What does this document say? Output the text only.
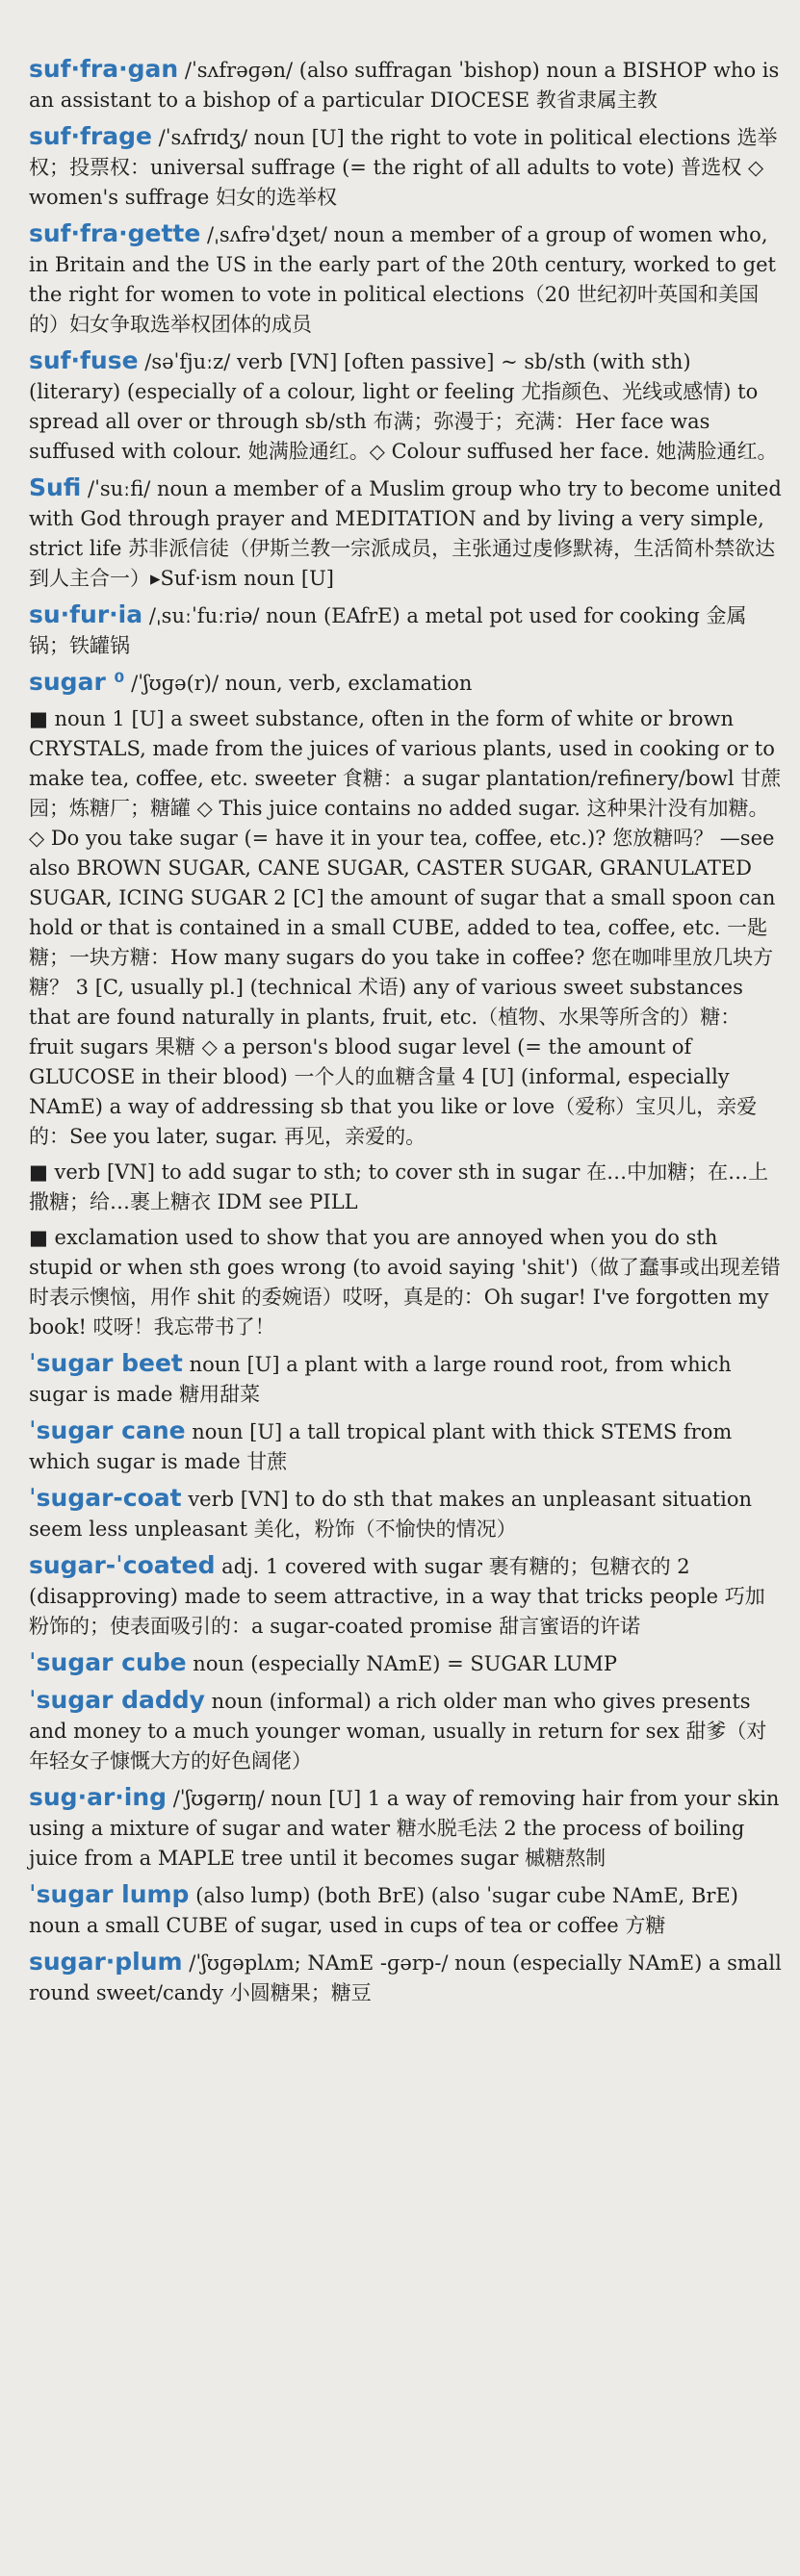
suf·fra·gan /ˈsʌfrəɡən/ (also suffragan ˈbishop) noun a BISHOP who is an assistant to a bishop of a particular DIOCESE 教省隶属主教
suf·frage /ˈsʌfrɪdʒ/ noun [U] the right to vote in political elections 选举权；投票权：universal suffrage (= the right of all adults to vote) 普选权 ◇ women's suffrage 妇女的选举权
suf·fra·gette /ˌsʌfrəˈdʒet/ noun a member of a group of women who, in Britain and the US in the early part of the 20th century, worked to get the right for women to vote in political elections（20 世纪初叶英国和美国的）妇女争取选举权团体的成员
suf·fuse /səˈfjuːz/ verb [VN] [often passive] ~ sb/sth (with sth) (literary) (especially of a colour, light or feeling 尤指颜色、光线或感情) to spread all over or through sb/sth 布满；弥漫于；充满：Her face was suffused with colour. 她满脸通红。◇ Colour suffused her face. 她满脸通红。
Sufi /ˈsuːfi/ noun a member of a Muslim group who try to become united with God through prayer and MEDITATION and by living a very simple, strict life 苏非派信徒（伊斯兰教一宗派成员，主张通过虔修默祷，生活简朴禁欲达到人主合一）▸Suf·ism noun [U]
su·fur·ia /ˌsuːˈfuːriə/ noun (EAfrE) a metal pot used for cooking 金属锅；铁罐锅
sugar ⁰ /ˈʃʊɡə(r)/ noun, verb, exclamation
■ noun 1 [U] a sweet substance, often in the form of white or brown CRYSTALS, made from the juices of various plants, used in cooking or to make tea, coffee, etc. sweeter 食糖：a sugar plantation/refinery/bowl 甘蔗园；炼糖厂；糖罐 ◇ This juice contains no added sugar. 这种果汁没有加糖。◇ Do you take sugar (= have it in your tea, coffee, etc.)? 您放糖吗？ —see also BROWN SUGAR, CANE SUGAR, CASTER SUGAR, GRANULATED SUGAR, ICING SUGAR 2 [C] the amount of sugar that a small spoon can hold or that is contained in a small CUBE, added to tea, coffee, etc. 一匙糖；一块方糖：How many sugars do you take in coffee? 您在咖啡里放几块方糖？ 3 [C, usually pl.] (technical 术语) any of various sweet substances that are found naturally in plants, fruit, etc.（植物、水果等所含的）糖：fruit sugars 果糖 ◇ a person's blood sugar level (= the amount of GLUCOSE in their blood) 一个人的血糖含量 4 [U] (informal, especially NAmE) a way of addressing sb that you like or love（爱称）宝贝儿，亲爱的：See you later, sugar. 再见，亲爱的。
■ verb [VN] to add sugar to sth; to cover sth in sugar 在…中加糖；在…上撒糖；给…裹上糖衣 IDM see PILL
■ exclamation used to show that you are annoyed when you do sth stupid or when sth goes wrong (to avoid saying 'shit')（做了蠢事或出现差错时表示懊恼，用作 shit 的委婉语）哎呀，真是的：Oh sugar! I've forgotten my book! 哎呀！我忘带书了！
ˈsugar beet noun [U] a plant with a large round root, from which sugar is made 糖用甜菜
ˈsugar cane noun [U] a tall tropical plant with thick STEMS from which sugar is made 甘蔗
ˈsugar-coat verb [VN] to do sth that makes an unpleasant situation seem less unpleasant 美化，粉饰（不愉快的情况）
sugar-ˈcoated adj. 1 covered with sugar 裹有糖的；包糖衣的 2 (disapproving) made to seem attractive, in a way that tricks people 巧加粉饰的；使表面吸引的：a sugar-coated promise 甜言蜜语的许诺
ˈsugar cube noun (especially NAmE) = SUGAR LUMP
ˈsugar daddy noun (informal) a rich older man who gives presents and money to a much younger woman, usually in return for sex 甜爹（对年轻女子慷慨大方的好色阔佬）
sug·ar·ing /ˈʃʊɡərɪŋ/ noun [U] 1 a way of removing hair from your skin using a mixture of sugar and water 糖水脱毛法 2 the process of boiling juice from a MAPLE tree until it becomes sugar 槭糖熬制
ˈsugar lump (also lump) (both BrE) (also ˈsugar cube NAmE, BrE) noun a small CUBE of sugar, used in cups of tea or coffee 方糖
sugar·plum /ˈʃʊɡəplʌm; NAmE -ɡərp-/ noun (especially NAmE) a small round sweet/candy 小圆糖果；糖豆
